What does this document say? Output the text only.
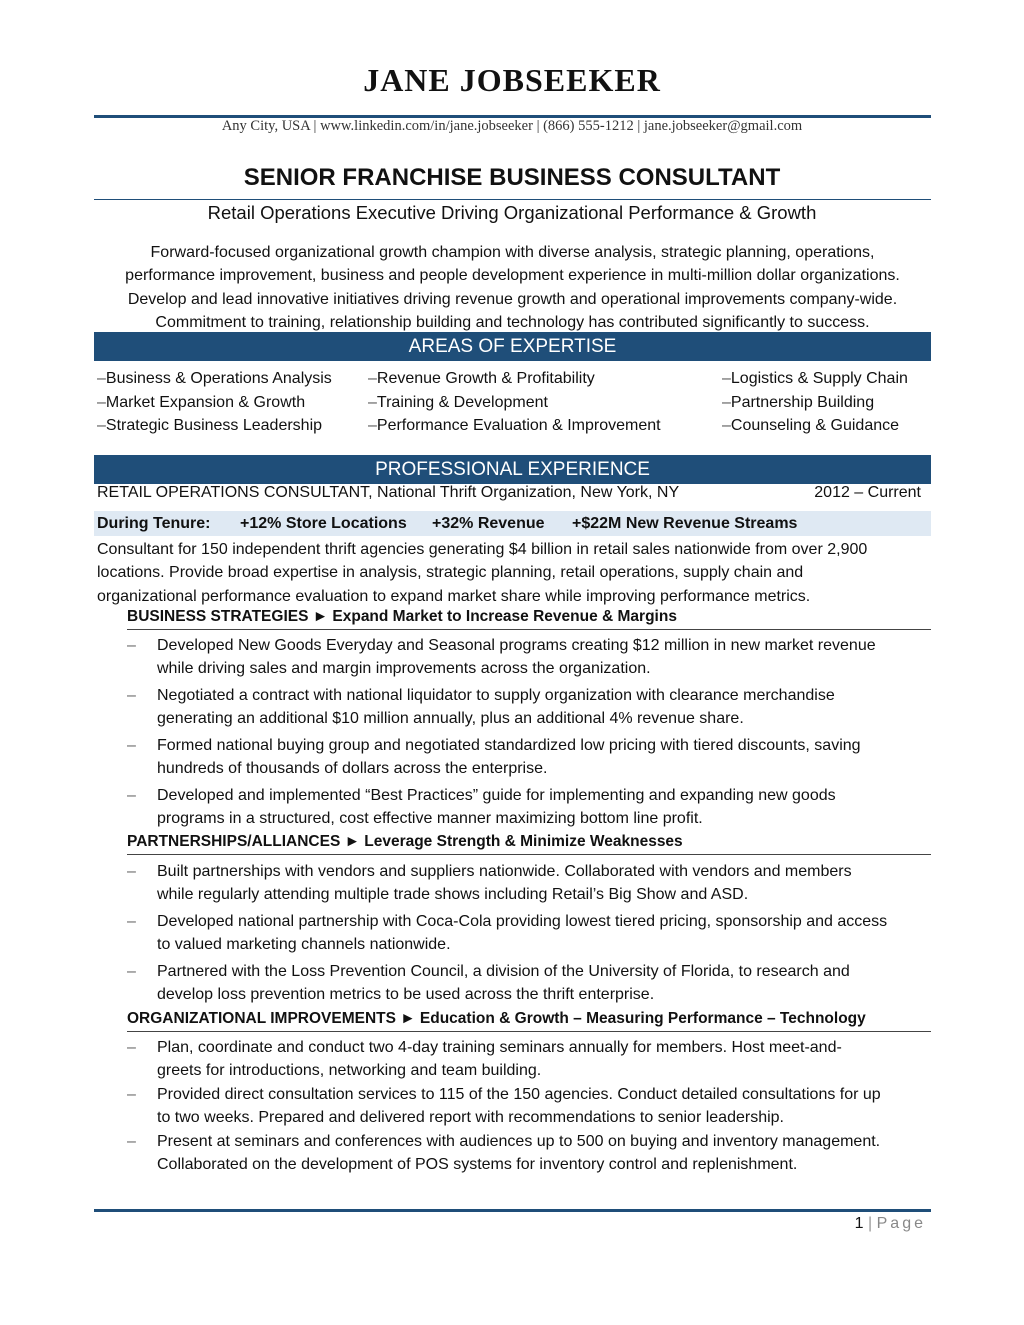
JANE JOBSEEKER
Any City, USA | www.linkedin.com/in/jane.jobseeker | (866) 555-1212 | jane.jobseeker@gmail.com
SENIOR FRANCHISE BUSINESS CONSULTANT
Retail Operations Executive Driving Organizational Performance & Growth
Forward-focused organizational growth champion with diverse analysis, strategic planning, operations,
performance improvement, business and people development experience in multi-million dollar organizations.
Develop and lead innovative initiatives driving revenue growth and operational improvements company-wide.
Commitment to training, relationship building and technology has contributed significantly to success.
AREAS OF EXPERTISE
–Business & Operations Analysis
–Market Expansion & Growth
–Strategic Business Leadership
–Revenue Growth & Profitability
–Training & Development
–Performance Evaluation & Improvement
–Logistics & Supply Chain
–Partnership Building
–Counseling & Guidance
PROFESSIONAL EXPERIENCE
RETAIL OPERATIONS CONSULTANT, National Thrift Organization, New York, NY	2012 – Current
During Tenure: +12% Store Locations +32% Revenue +$22M New Revenue Streams
Consultant for 150 independent thrift agencies generating $4 billion in retail sales nationwide from over 2,900
locations. Provide broad expertise in analysis, strategic planning, retail operations, supply chain and
organizational performance evaluation to expand market share while improving performance metrics.
BUSINESS STRATEGIES ► Expand Market to Increase Revenue & Margins
– Developed New Goods Everyday and Seasonal programs creating $12 million in new market revenue
while driving sales and margin improvements across the organization.
– Negotiated a contract with national liquidator to supply organization with clearance merchandise
generating an additional $10 million annually, plus an additional 4% revenue share.
– Formed national buying group and negotiated standardized low pricing with tiered discounts, saving
hundreds of thousands of dollars across the enterprise.
– Developed and implemented “Best Practices” guide for implementing and expanding new goods
programs in a structured, cost effective manner maximizing bottom line profit.
PARTNERSHIPS/ALLIANCES ► Leverage Strength & Minimize Weaknesses
– Built partnerships with vendors and suppliers nationwide. Collaborated with vendors and members
while regularly attending multiple trade shows including Retail’s Big Show and ASD.
– Developed national partnership with Coca-Cola providing lowest tiered pricing, sponsorship and access
to valued marketing channels nationwide.
– Partnered with the Loss Prevention Council, a division of the University of Florida, to research and
develop loss prevention metrics to be used across the thrift enterprise.
ORGANIZATIONAL IMPROVEMENTS ► Education & Growth – Measuring Performance – Technology
– Plan, coordinate and conduct two 4-day training seminars annually for members. Host meet-and-
greets for introductions, networking and team building.
– Provided direct consultation services to 115 of the 150 agencies. Conduct detailed consultations for up
to two weeks. Prepared and delivered report with recommendations to senior leadership.
– Present at seminars and conferences with audiences up to 500 on buying and inventory management.
Collaborated on the development of POS systems for inventory control and replenishment.
1 | Page
